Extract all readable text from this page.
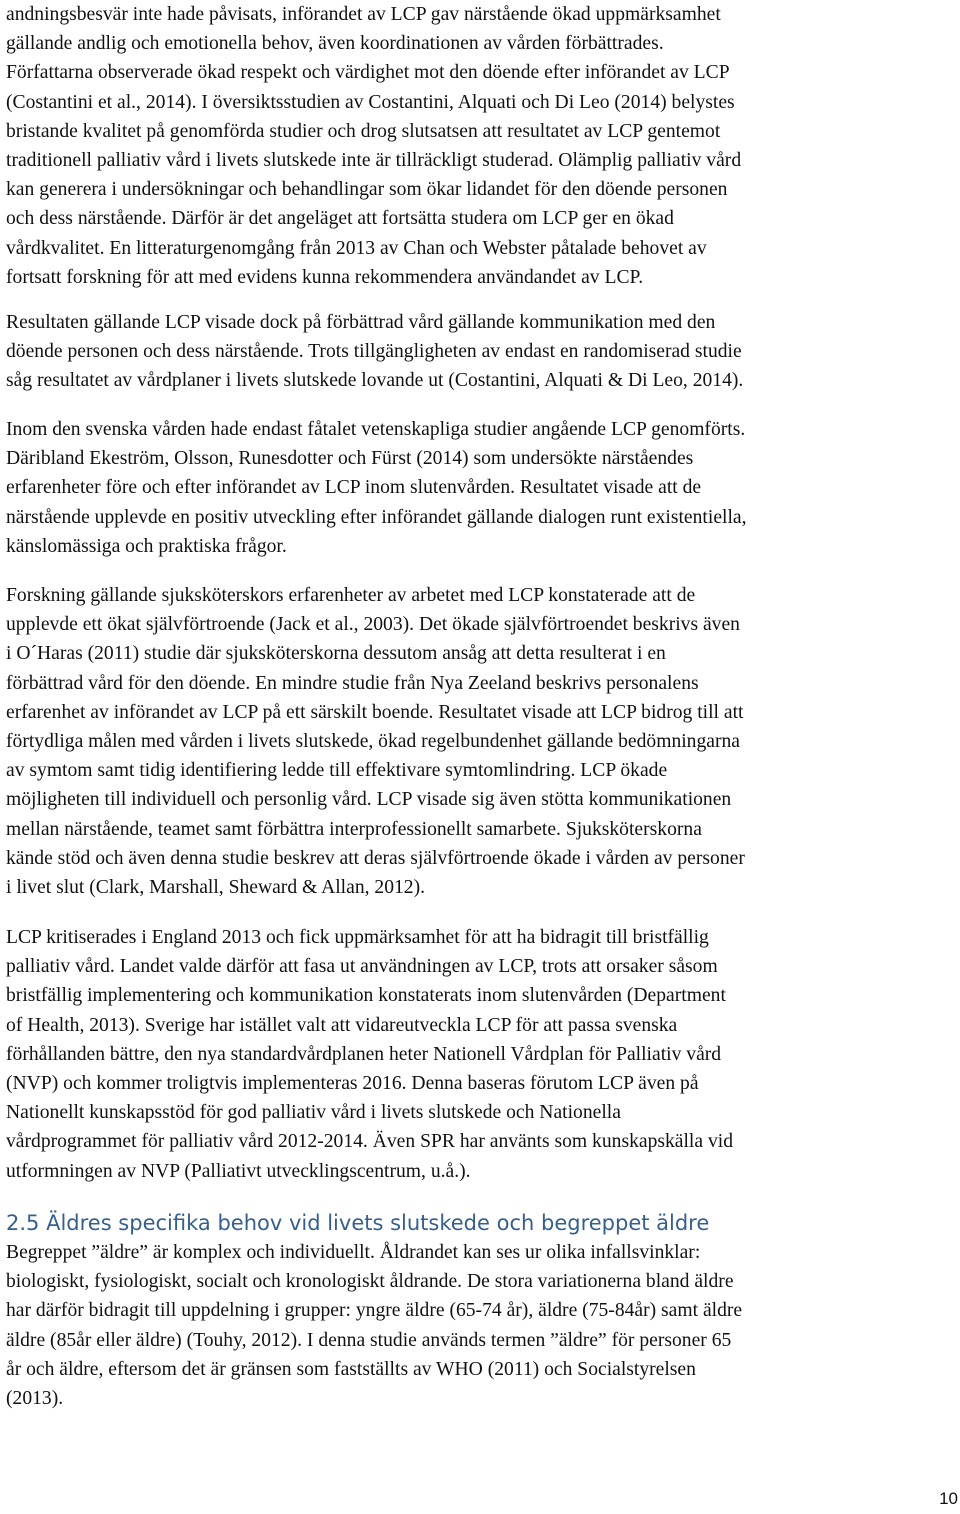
andningsbesvär inte hade påvisats, införandet av LCP gav närstående ökad uppmärksamhet
gällande andlig och emotionella behov, även koordinationen av vården förbättrades.
Författarna observerade ökad respekt och värdighet mot den döende efter införandet av LCP
(Costantini et al., 2014). I översiktsstudien av Costantini, Alquati och Di Leo (2014) belystes
bristande kvalitet på genomförda studier och drog slutsatsen att resultatet av LCP gentemot
traditionell palliativ vård i livets slutskede inte är tillräckligt studerad. Olämplig palliativ vård
kan generera i undersökningar och behandlingar som ökar lidandet för den döende personen
och dess närstående. Därför är det angeläget att fortsätta studera om LCP ger en ökad
vårdkvalitet. En litteraturgenomgång från 2013 av Chan och Webster påtalade behovet av
fortsatt forskning för att med evidens kunna rekommendera användandet av LCP.
Resultaten gällande LCP visade dock på förbättrad vård gällande kommunikation med den
döende personen och dess närstående. Trots tillgängligheten av endast en randomiserad studie
såg resultatet av vårdplaner i livets slutskede lovande ut (Costantini, Alquati & Di Leo, 2014).
Inom den svenska vården hade endast fåtalet vetenskapliga studier angående LCP genomförts.
Däribland Ekeström, Olsson, Runesdotter och Fürst (2014) som undersökte närståendes
erfarenheter före och efter införandet av LCP inom slutenvården. Resultatet visade att de
närstående upplevde en positiv utveckling efter införandet gällande dialogen runt existentiella,
känslomässiga och praktiska frågor.
Forskning gällande sjuksköterskors erfarenheter av arbetet med LCP konstaterade att de
upplevde ett ökat självförtroende (Jack et al., 2003). Det ökade självförtroendet beskrivs även
i O´Haras (2011) studie där sjuksköterskorna dessutom ansåg att detta resulterat i en
förbättrad vård för den döende. En mindre studie från Nya Zeeland beskrivs personalens
erfarenhet av införandet av LCP på ett särskilt boende. Resultatet visade att LCP bidrog till att
förtydliga målen med vården i livets slutskede, ökad regelbundenhet gällande bedömningarna
av symtom samt tidig identifiering ledde till effektivare symtomlindring. LCP ökade
möjligheten till individuell och personlig vård. LCP visade sig även stötta kommunikationen
mellan närstående, teamet samt förbättra interprofessionellt samarbete. Sjuksköterskorna
kände stöd och även denna studie beskrev att deras självförtroende ökade i vården av personer
i livet slut (Clark, Marshall, Sheward & Allan, 2012).
LCP kritiserades i England 2013 och fick uppmärksamhet för att ha bidragit till bristfällig
palliativ vård. Landet valde därför att fasa ut användningen av LCP, trots att orsaker såsom
bristfällig implementering och kommunikation konstaterats inom slutenvården (Department
of Health, 2013). Sverige har istället valt att vidareutveckla LCP för att passa svenska
förhållanden bättre, den nya standardvårdplanen heter Nationell Vårdplan för Palliativ vård
(NVP) och kommer troligtvis implementeras 2016. Denna baseras förutom LCP även på
Nationellt kunskapsstöd för god palliativ vård i livets slutskede och Nationella
vårdprogrammet för palliativ vård 2012-2014. Även SPR har använts som kunskapskälla vid
utformningen av NVP (Palliativt utvecklingscentrum, u.å.).
2.5 Äldres specifika behov vid livets slutskede och begreppet äldre
Begreppet ”äldre” är komplex och individuellt. Åldrandet kan ses ur olika infallsvinklar:
biologiskt, fysiologiskt, socialt och kronologiskt åldrande. De stora variationerna bland äldre
har därför bidragit till uppdelning i grupper: yngre äldre (65-74 år), äldre (75-84år) samt äldre
äldre (85år eller äldre) (Touhy, 2012). I denna studie används termen ”äldre” för personer 65
år och äldre, eftersom det är gränsen som fastställts av WHO (2011) och Socialstyrelsen
(2013).
10
